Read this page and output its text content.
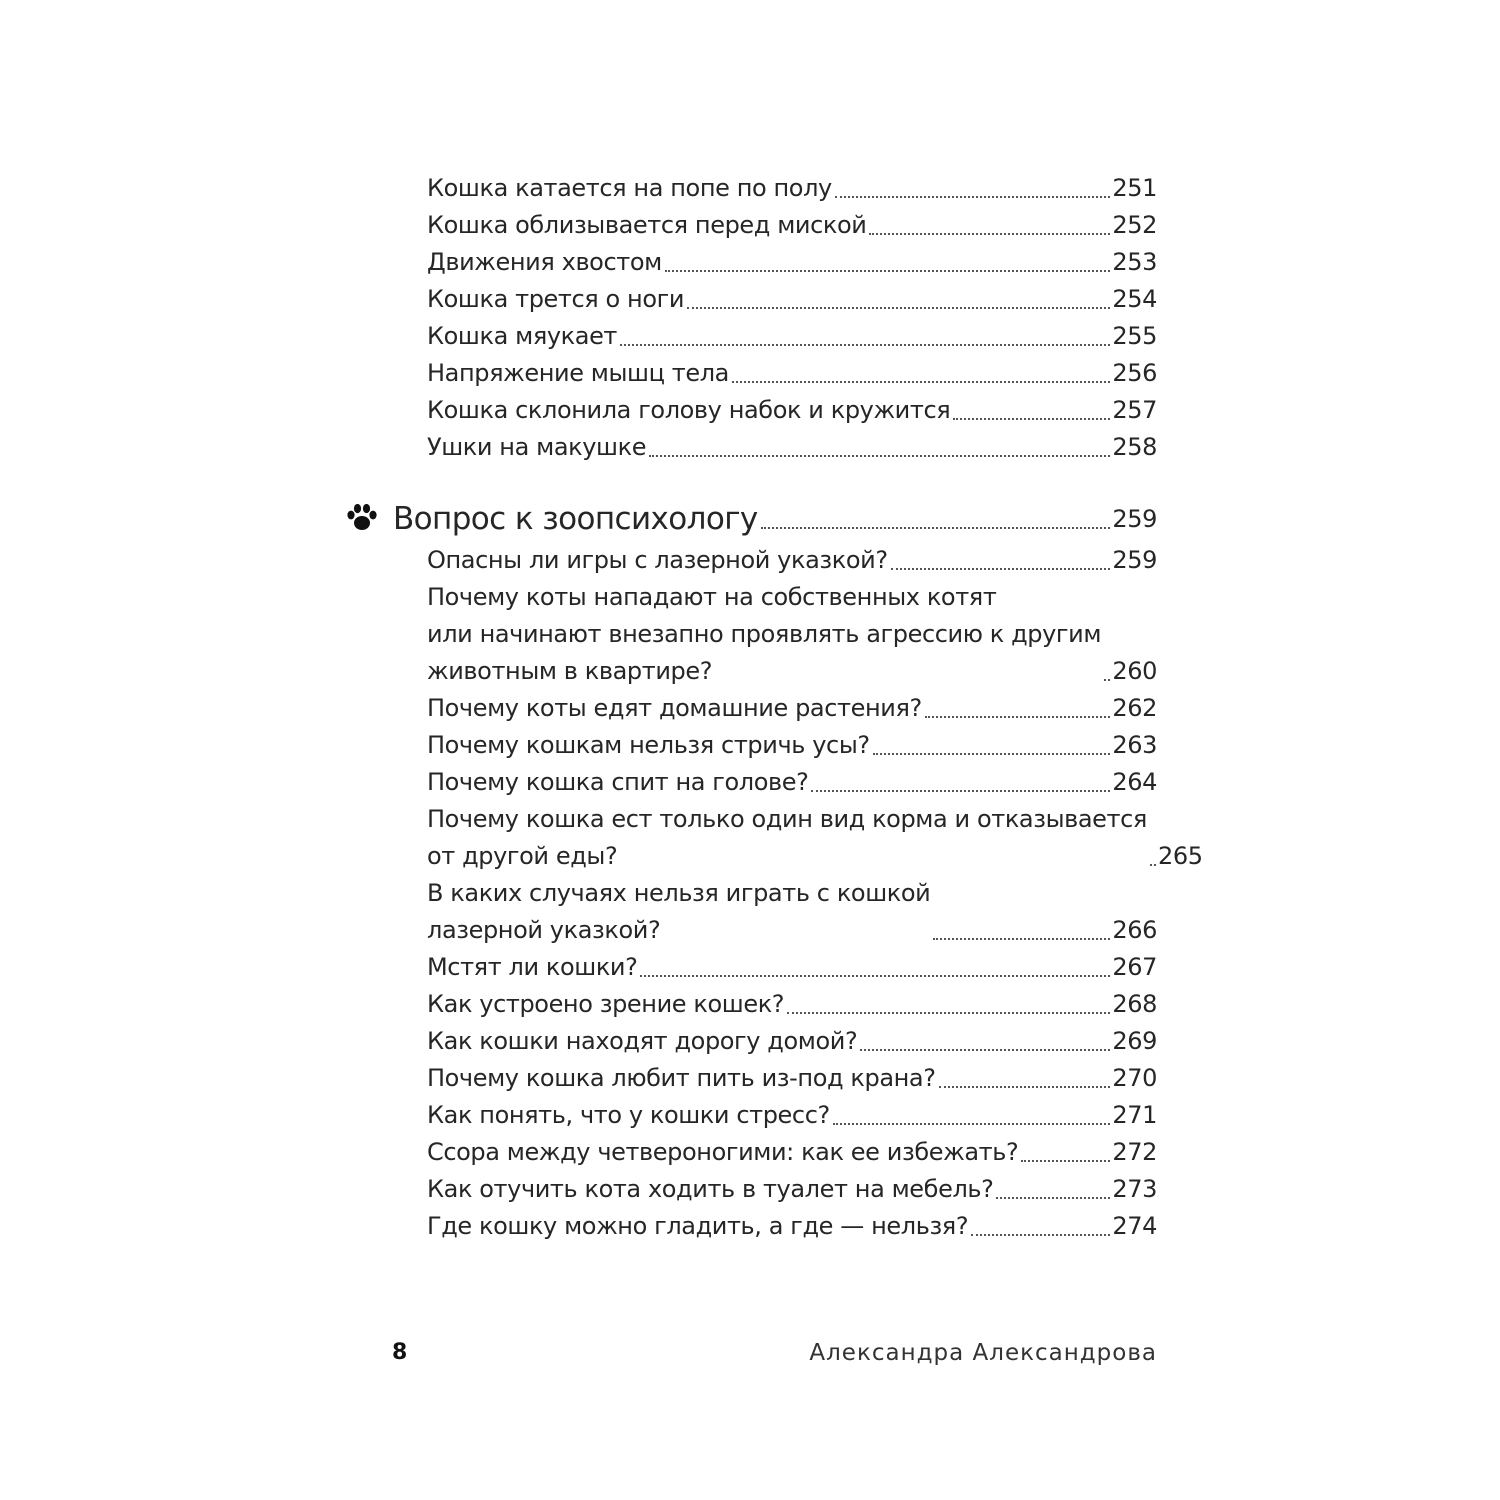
Кошка катается на попе по полу	251
Кошка облизывается перед миской	252
Движения хвостом	253
Кошка трется о ноги	254
Кошка мяукает	255
Напряжение мышц тела	256
Кошка склонила голову набок и кружится	257
Ушки на макушке	258
Вопрос к зоопсихологу	259
Опасны ли игры с лазерной указкой?	259
Почему коты нападают на собственных котят
или начинают внезапно проявлять агрессию к другим
животным в квартире?	260
Почему коты едят домашние растения?	262
Почему кошкам нельзя стричь усы?	263
Почему кошка спит на голове?	264
Почему кошка ест только один вид корма и отказывается
от другой еды?	265
В каких случаях нельзя играть с кошкой
лазерной указкой?	266
Мстят ли кошки?	267
Как устроено зрение кошек?	268
Как кошки находят дорогу домой?	269
Почему кошка любит пить из-под крана?	270
Как понять, что у кошки стресс?	271
Ссора между четвероногими: как ее избежать?	272
Как отучить кота ходить в туалет на мебель?	273
Где кошку можно гладить, а где — нельзя?	274
8	Александра Александрова
